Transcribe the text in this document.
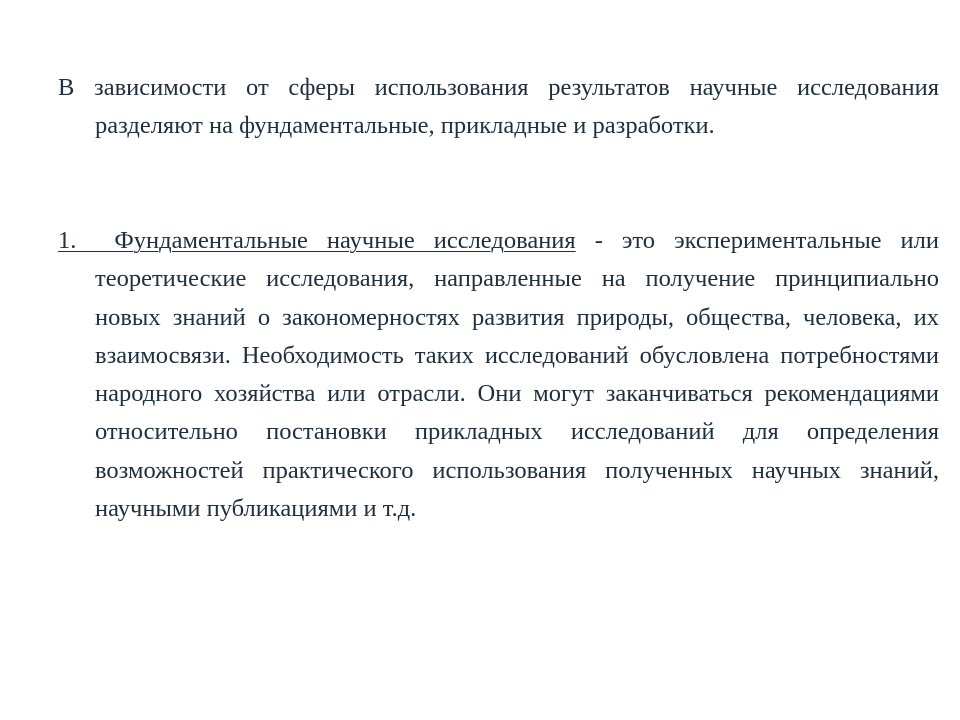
В зависимости от сферы использования результатов научные исследования разделяют на фундаментальные, прикладные и разработки.

1. Фундаментальные научные исследования - это экспериментальные или теоретические исследования, направленные на получение принципиально новых знаний о закономерностях развития природы, общества, человека, их взаимосвязи. Необходимость таких исследований обусловлена потребностями народного хозяйства или отрасли. Они могут заканчиваться рекомендациями относительно постановки прикладных исследований для определения возможностей практического использования полученных научных знаний, научными публикациями и т.д.
